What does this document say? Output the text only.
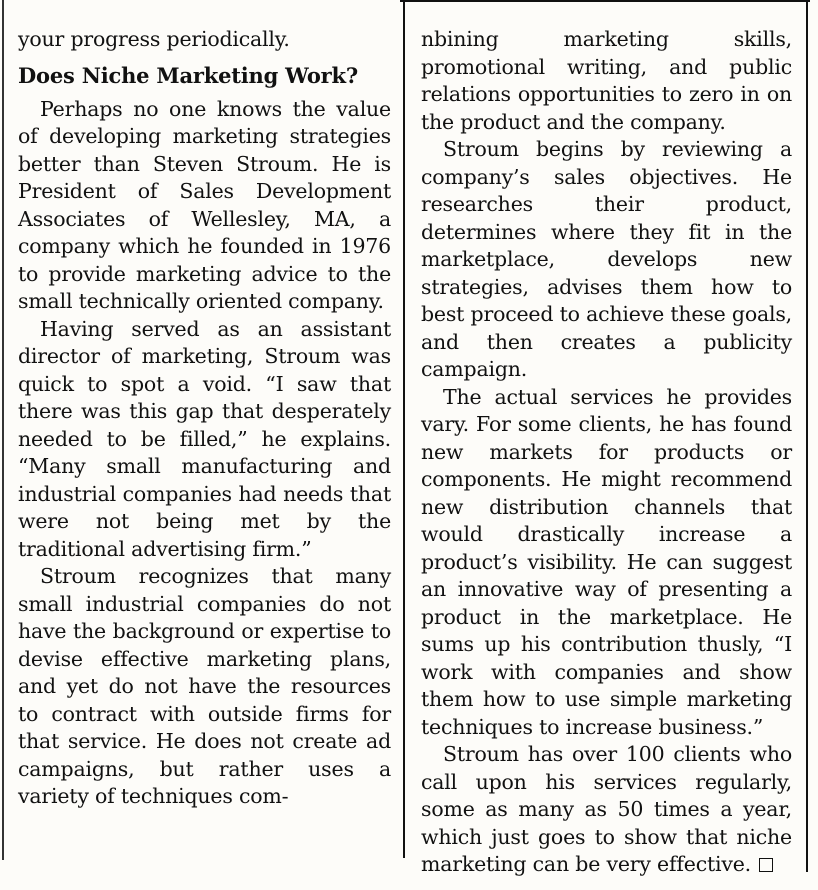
your progress periodically.

Does Niche Marketing Work?

Perhaps no one knows the value of developing marketing strategies better than Steven Stroum. He is President of Sales Development Associates of Wellesley, MA, a company which he founded in 1976 to provide marketing advice to the small technically oriented company.

Having served as an assistant director of marketing, Stroum was quick to spot a void. “I saw that there was this gap that desperately needed to be filled,” he explains. “Many small manufacturing and industrial companies had needs that were not being met by the traditional advertising firm.”

Stroum recognizes that many small industrial companies do not have the background or expertise to devise effective marketing plans, and yet do not have the resources to contract with outside firms for that service. He does not create ad campaigns, but rather uses a variety of techniques com-

nbining marketing skills, promotional writing, and public relations opportunities to zero in on the product and the company.

Stroum begins by reviewing a company’s sales objectives. He researches their product, determines where they fit in the marketplace, develops new strategies, advises them how to best proceed to achieve these goals, and then creates a publicity campaign.

The actual services he provides vary. For some clients, he has found new markets for products or components. He might recommend new distribution channels that would drastically increase a product’s visibility. He can suggest an innovative way of presenting a product in the marketplace. He sums up his contribution thusly, “I work with companies and show them how to use simple marketing techniques to increase business.”

Stroum has over 100 clients who call upon his services regularly, some as many as 50 times a year, which just goes to show that niche marketing can be very effective.
